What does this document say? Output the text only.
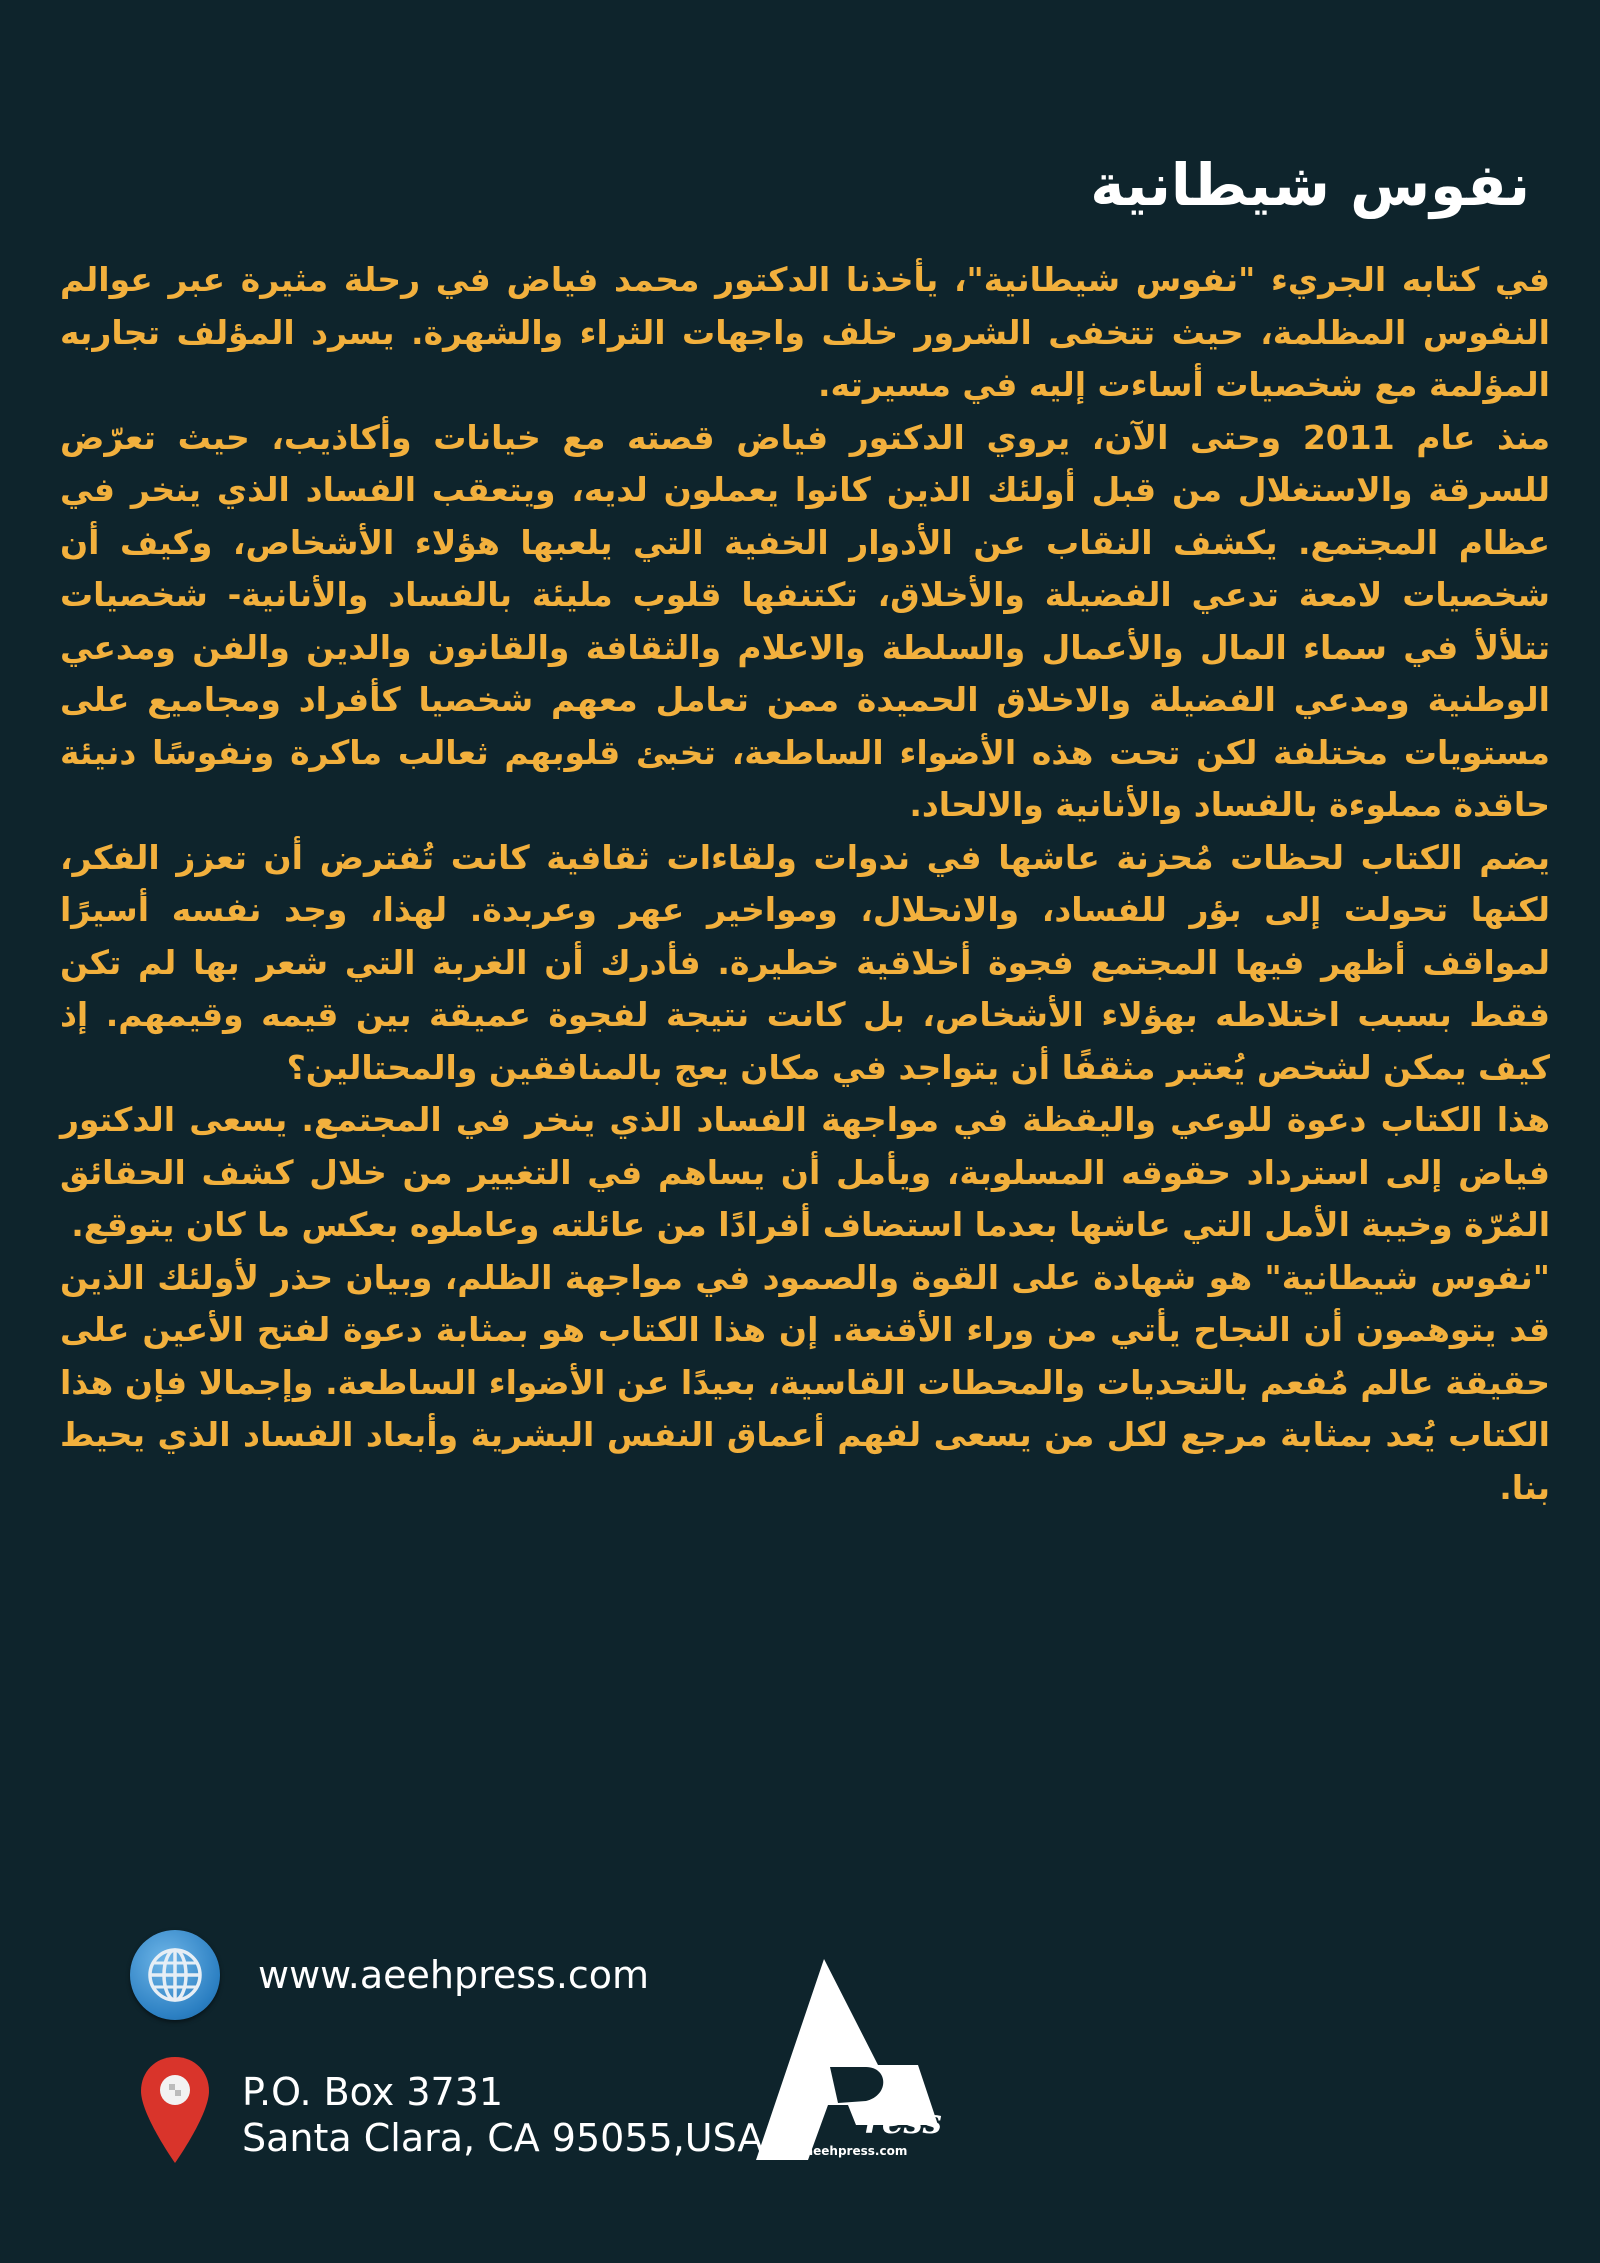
نفوس شيطانية

في كتابه الجريء "نفوس شيطانية"، يأخذنا الدكتور محمد فياض في رحلة مثيرة عبر عوالم النفوس المظلمة، حيث تتخفى الشرور خلف واجهات الثراء والشهرة. يسرد المؤلف تجاربه المؤلمة مع شخصيات أساءت إليه في مسيرته.

منذ عام 2011 وحتى الآن، يروي الدكتور فياض قصته مع خيانات وأكاذيب، حيث تعرّض للسرقة والاستغلال من قبل أولئك الذين كانوا يعملون لديه، ويتعقب الفساد الذي ينخر في عظام المجتمع. يكشف النقاب عن الأدوار الخفية التي يلعبها هؤلاء الأشخاص، وكيف أن شخصيات لامعة تدعي الفضيلة والأخلاق، تكتنفها قلوب مليئة بالفساد والأنانية- شخصيات تتلألأ في سماء المال والأعمال والسلطة والاعلام والثقافة والقانون والدين والفن ومدعي الوطنية ومدعي الفضيلة والاخلاق الحميدة ممن تعامل معهم شخصيا كأفراد ومجاميع على مستويات مختلفة لكن تحت هذه الأضواء الساطعة، تخبئ قلوبهم ثعالب ماكرة ونفوسًا دنيئة حاقدة مملوءة بالفساد والأنانية والالحاد.

يضم الكتاب لحظات مُحزنة عاشها في ندوات ولقاءات ثقافية كانت تُفترض أن تعزز الفكر، لكنها تحولت إلى بؤر للفساد، والانحلال، ومواخير عهر وعربدة. لهذا، وجد نفسه أسيرًا لمواقف أظهر فيها المجتمع فجوة أخلاقية خطيرة. فأدرك أن الغربة التي شعر بها لم تكن فقط بسبب اختلاطه بهؤلاء الأشخاص، بل كانت نتيجة لفجوة عميقة بين قيمه وقيمهم. إذ كيف يمكن لشخص يُعتبر مثقفًا أن يتواجد في مكان يعج بالمنافقين والمحتالين؟

هذا الكتاب دعوة للوعي واليقظة في مواجهة الفساد الذي ينخر في المجتمع. يسعى الدكتور فياض إلى استرداد حقوقه المسلوبة، ويأمل أن يساهم في التغيير من خلال كشف الحقائق المُرّة وخيبة الأمل التي عاشها بعدما استضاف أفرادًا من عائلته وعاملوه بعكس ما كان يتوقع.

"نفوس شيطانية" هو شهادة على القوة والصمود في مواجهة الظلم، وبيان حذر لأولئك الذين قد يتوهمون أن النجاح يأتي من وراء الأقنعة. إن هذا الكتاب هو بمثابة دعوة لفتح الأعين على حقيقة عالم مُفعم بالتحديات والمحطات القاسية، بعيدًا عن الأضواء الساطعة. وإجمالا فإن هذا الكتاب يُعد بمثابة مرجع لكل من يسعى لفهم أعماق النفس البشرية وأبعاد الفساد الذي يحيط بنا.

www.aeehpress.com
P.O. Box 3731
Santa Clara, CA 95055,USA	ress
www.aeehpress.com
